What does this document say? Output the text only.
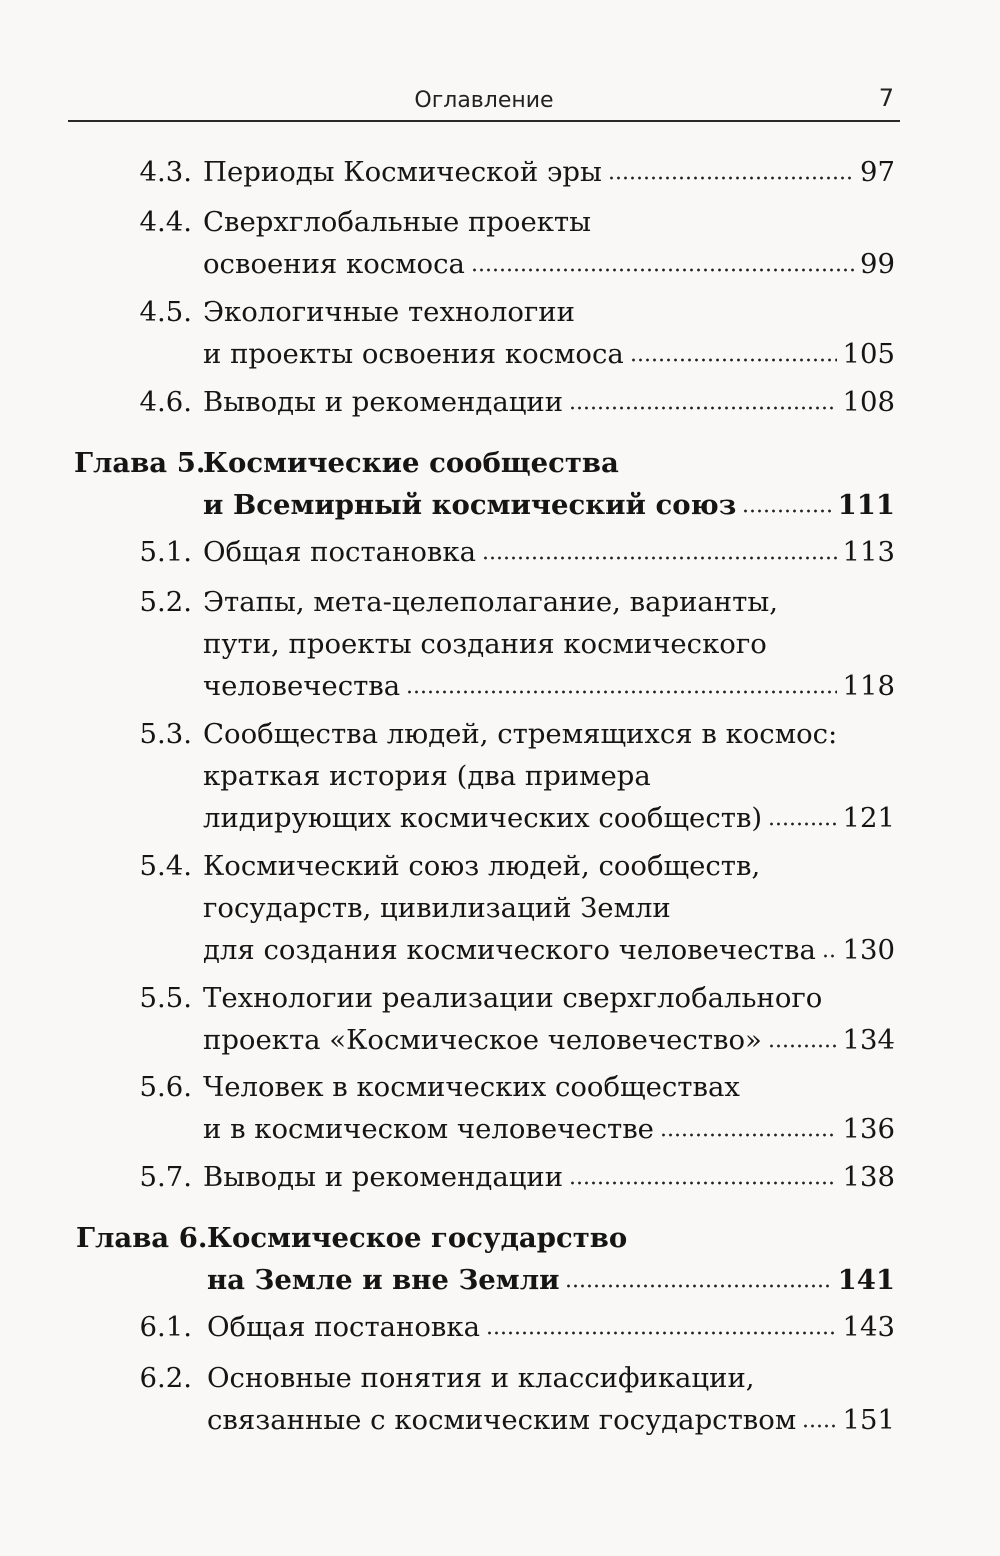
Оглавление	7
4.3. Периоды Космической эры	97
4.4. Сверхглобальные проекты
освоения космоса	99
4.5. Экологичные технологии
и проекты освоения космоса	105
4.6. Выводы и рекомендации	108
Глава 5.
Космические сообщества
и Всемирный космический союз	111
5.1. Общая постановка	113
5.2. Этапы, мета-целеполагание, варианты,
пути, проекты создания космического
человечества	118
5.3. Сообщества людей, стремящихся в космос:
краткая история (два примера
лидирующих космических сообществ)	121
5.4. Космический союз людей, сообществ,
государств, цивилизаций Земли
для создания космического человечества 130
5.5. Технологии реализации сверхглобального
проекта «Космическое человечество»	134
5.6. Человек в космических сообществах
и в космическом человечестве	136
5.7. Выводы и рекомендации	138
Глава 6. Космическое государство
на Земле и вне Земли	141
6.1. Общая постановка	143
6.2. Основные понятия и классификации,
связанные с космическим государством 151
